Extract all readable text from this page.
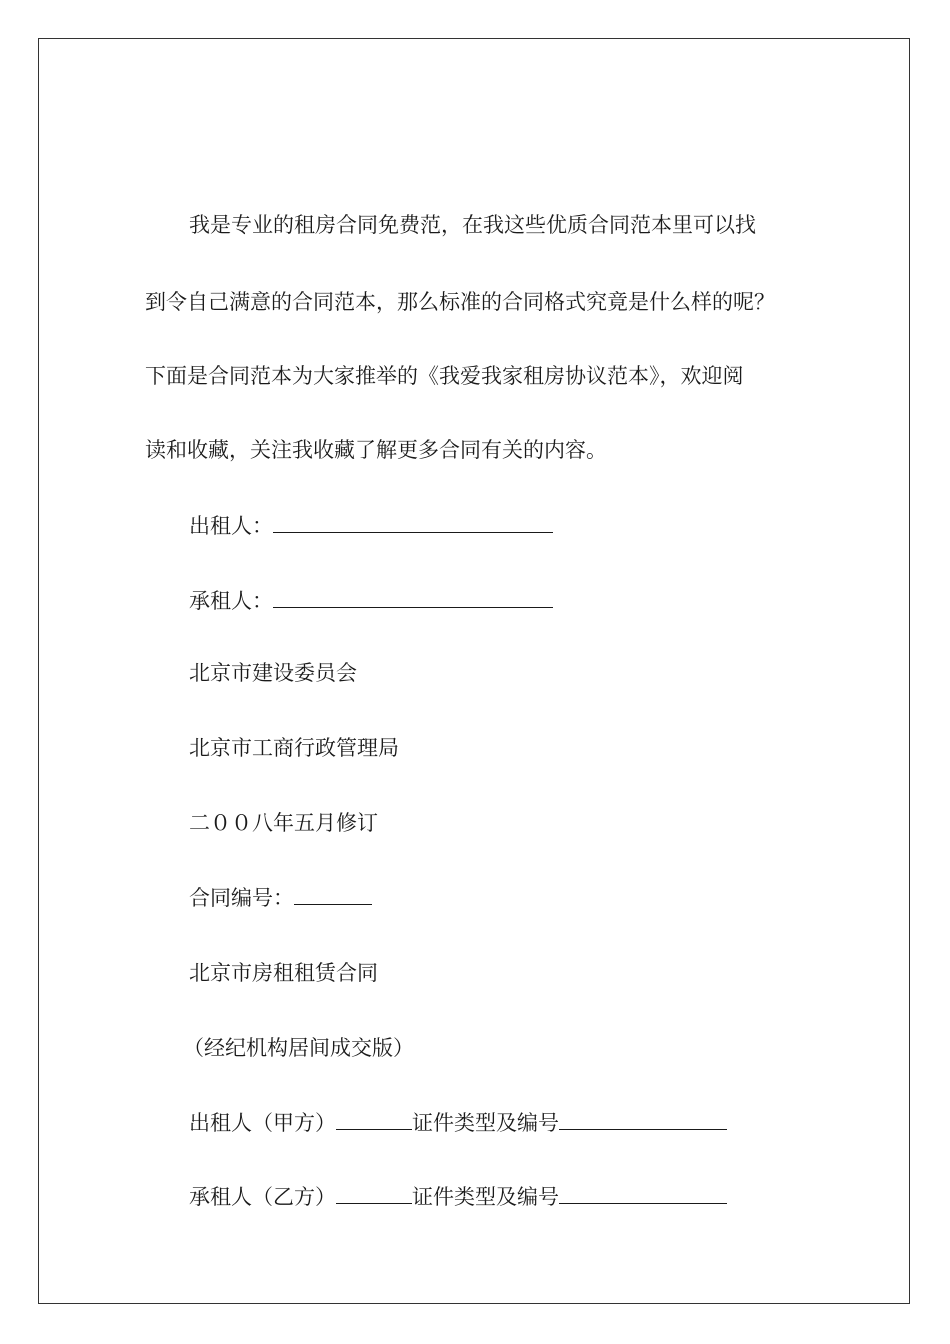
我是专业的租房合同免费范，在我这些优质合同范本里可以找
到令自己满意的合同范本，那么标准的合同格式究竟是什么样的呢？
下面是合同范本为大家推举的《我爱我家租房协议范本》，欢迎阅
读和收藏，关注我收藏了解更多合同有关的内容。
出租人：
承租人：
北京市建设委员会
北京市工商行政管理局
二００八年五月修订
合同编号：
北京市房租租赁合同
（经纪机构居间成交版）
出租人（甲方）	证件类型及编号
承租人（乙方）	证件类型及编号
